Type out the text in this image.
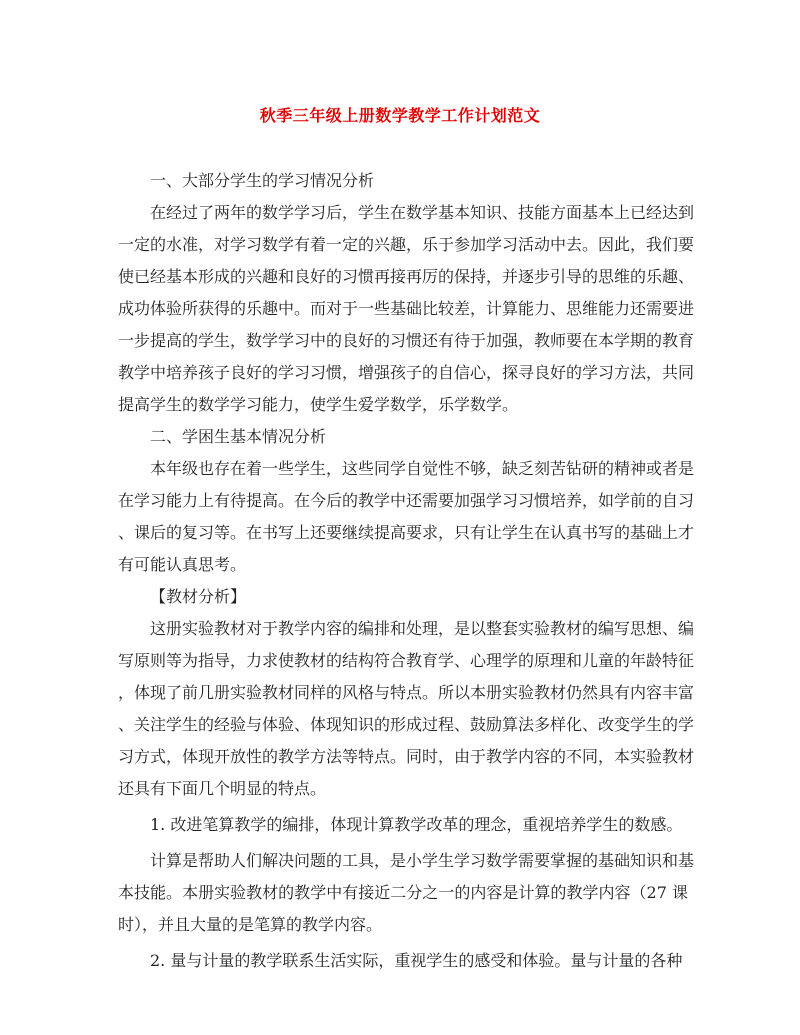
秋季三年级上册数学教学工作计划范文
一、大部分学生的学习情况分析
在经过了两年的数学学习后，学生在数学基本知识、技能方面基本上已经达到
一定的水准，对学习数学有着一定的兴趣，乐于参加学习活动中去。因此，我们要
使已经基本形成的兴趣和良好的习惯再接再厉的保持，并逐步引导的思维的乐趣、
成功体验所获得的乐趣中。而对于一些基础比较差，计算能力、思维能力还需要进
一步提高的学生，数学学习中的良好的习惯还有待于加强，教师要在本学期的教育
教学中培养孩子良好的学习习惯，增强孩子的自信心，探寻良好的学习方法，共同
提高学生的数学学习能力，使学生爱学数学，乐学数学。
二、学困生基本情况分析
本年级也存在着一些学生，这些同学自觉性不够，缺乏刻苦钻研的精神或者是
在学习能力上有待提高。在今后的教学中还需要加强学习习惯培养，如学前的自习
、课后的复习等。在书写上还要继续提高要求，只有让学生在认真书写的基础上才
有可能认真思考。
【教材分析】
这册实验教材对于教学内容的编排和处理，是以整套实验教材的编写思想、编
写原则等为指导，力求使教材的结构符合教育学、心理学的原理和儿童的年龄特征
，体现了前几册实验教材同样的风格与特点。所以本册实验教材仍然具有内容丰富
、关注学生的经验与体验、体现知识的形成过程、鼓励算法多样化、改变学生的学
习方式，体现开放性的教学方法等特点。同时，由于教学内容的不同，本实验教材
还具有下面几个明显的特点。
1. 改进笔算教学的编排，体现计算教学改革的理念，重视培养学生的数感。
计算是帮助人们解决问题的工具，是小学生学习数学需要掌握的基础知识和基
本技能。本册实验教材的教学中有接近二分之一的内容是计算的教学内容（27 课
时），并且大量的是笔算的教学内容。
2. 量与计量的教学联系生活实际，重视学生的感受和体验。量与计量的各种
